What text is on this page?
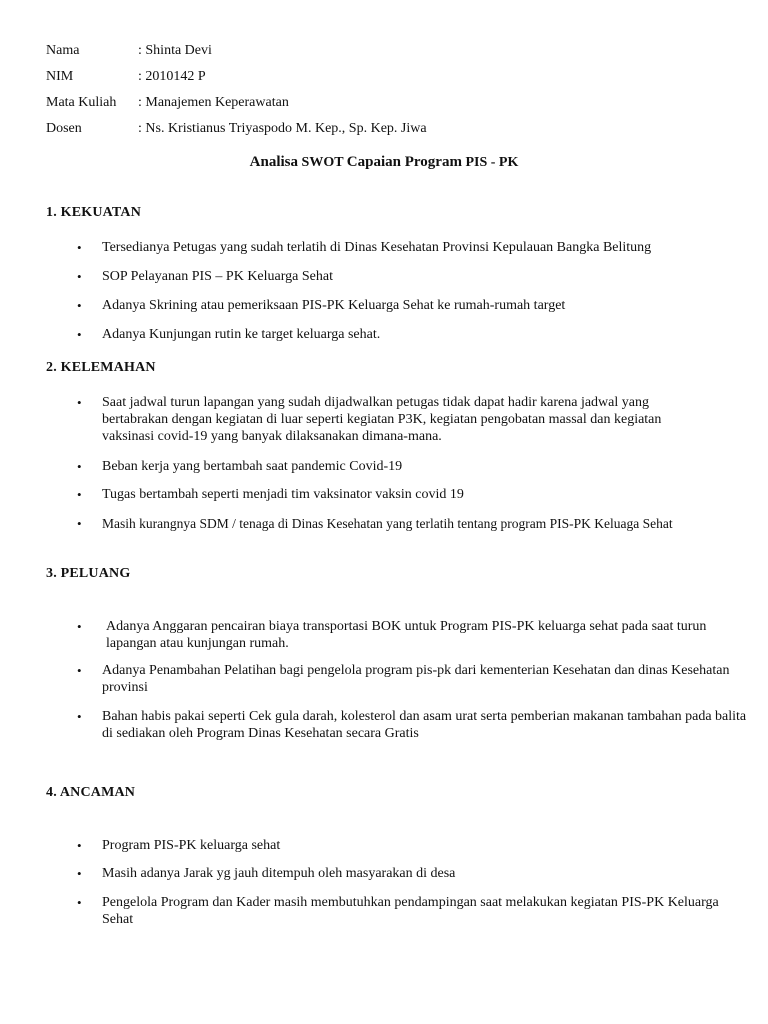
Nama	: Shinta Devi
NIM	: 2010142 P
Mata Kuliah : Manajemen Keperawatan
Dosen	: Ns. Kristianus Triyaspodo M. Kep., Sp. Kep. Jiwa
Analisa SWOT Capaian Program PIS - PK
1. KEKUATAN
• Tersedianya Petugas yang sudah terlatih di Dinas Kesehatan Provinsi Kepulauan Bangka Belitung
• SOP Pelayanan PIS – PK Keluarga Sehat
• Adanya Skrining atau pemeriksaan PIS-PK Keluarga Sehat ke rumah-rumah target
• Adanya Kunjungan rutin ke target keluarga sehat.
2. KELEMAHAN
• Saat jadwal turun lapangan yang sudah dijadwalkan petugas tidak dapat hadir karena jadwal yang bertabrakan dengan kegiatan di luar seperti kegiatan P3K, kegiatan pengobatan massal dan kegiatan vaksinasi covid-19 yang banyak dilaksanakan dimana-mana.
• Beban kerja yang bertambah saat pandemic Covid-19
• Tugas bertambah seperti menjadi tim vaksinator vaksin covid 19
• Masih kurangnya SDM / tenaga di Dinas Kesehatan yang terlatih tentang program PIS-PK Keluaga Sehat
3. PELUANG
• Adanya Anggaran pencairan biaya transportasi BOK untuk Program PIS-PK keluarga sehat pada saat turun lapangan atau kunjungan rumah.
• Adanya Penambahan Pelatihan bagi pengelola program pis-pk dari kementerian Kesehatan dan dinas Kesehatan provinsi
• Bahan habis pakai seperti Cek gula darah, kolesterol dan asam urat serta pemberian makanan tambahan pada balita di sediakan oleh Program Dinas Kesehatan secara Gratis
4. ANCAMAN
• Program PIS-PK keluarga sehat
• Masih adanya Jarak yg jauh ditempuh oleh masyarakan di desa
• Pengelola Program dan Kader masih membutuhkan pendampingan saat melakukan kegiatan PIS-PK Keluarga Sehat
